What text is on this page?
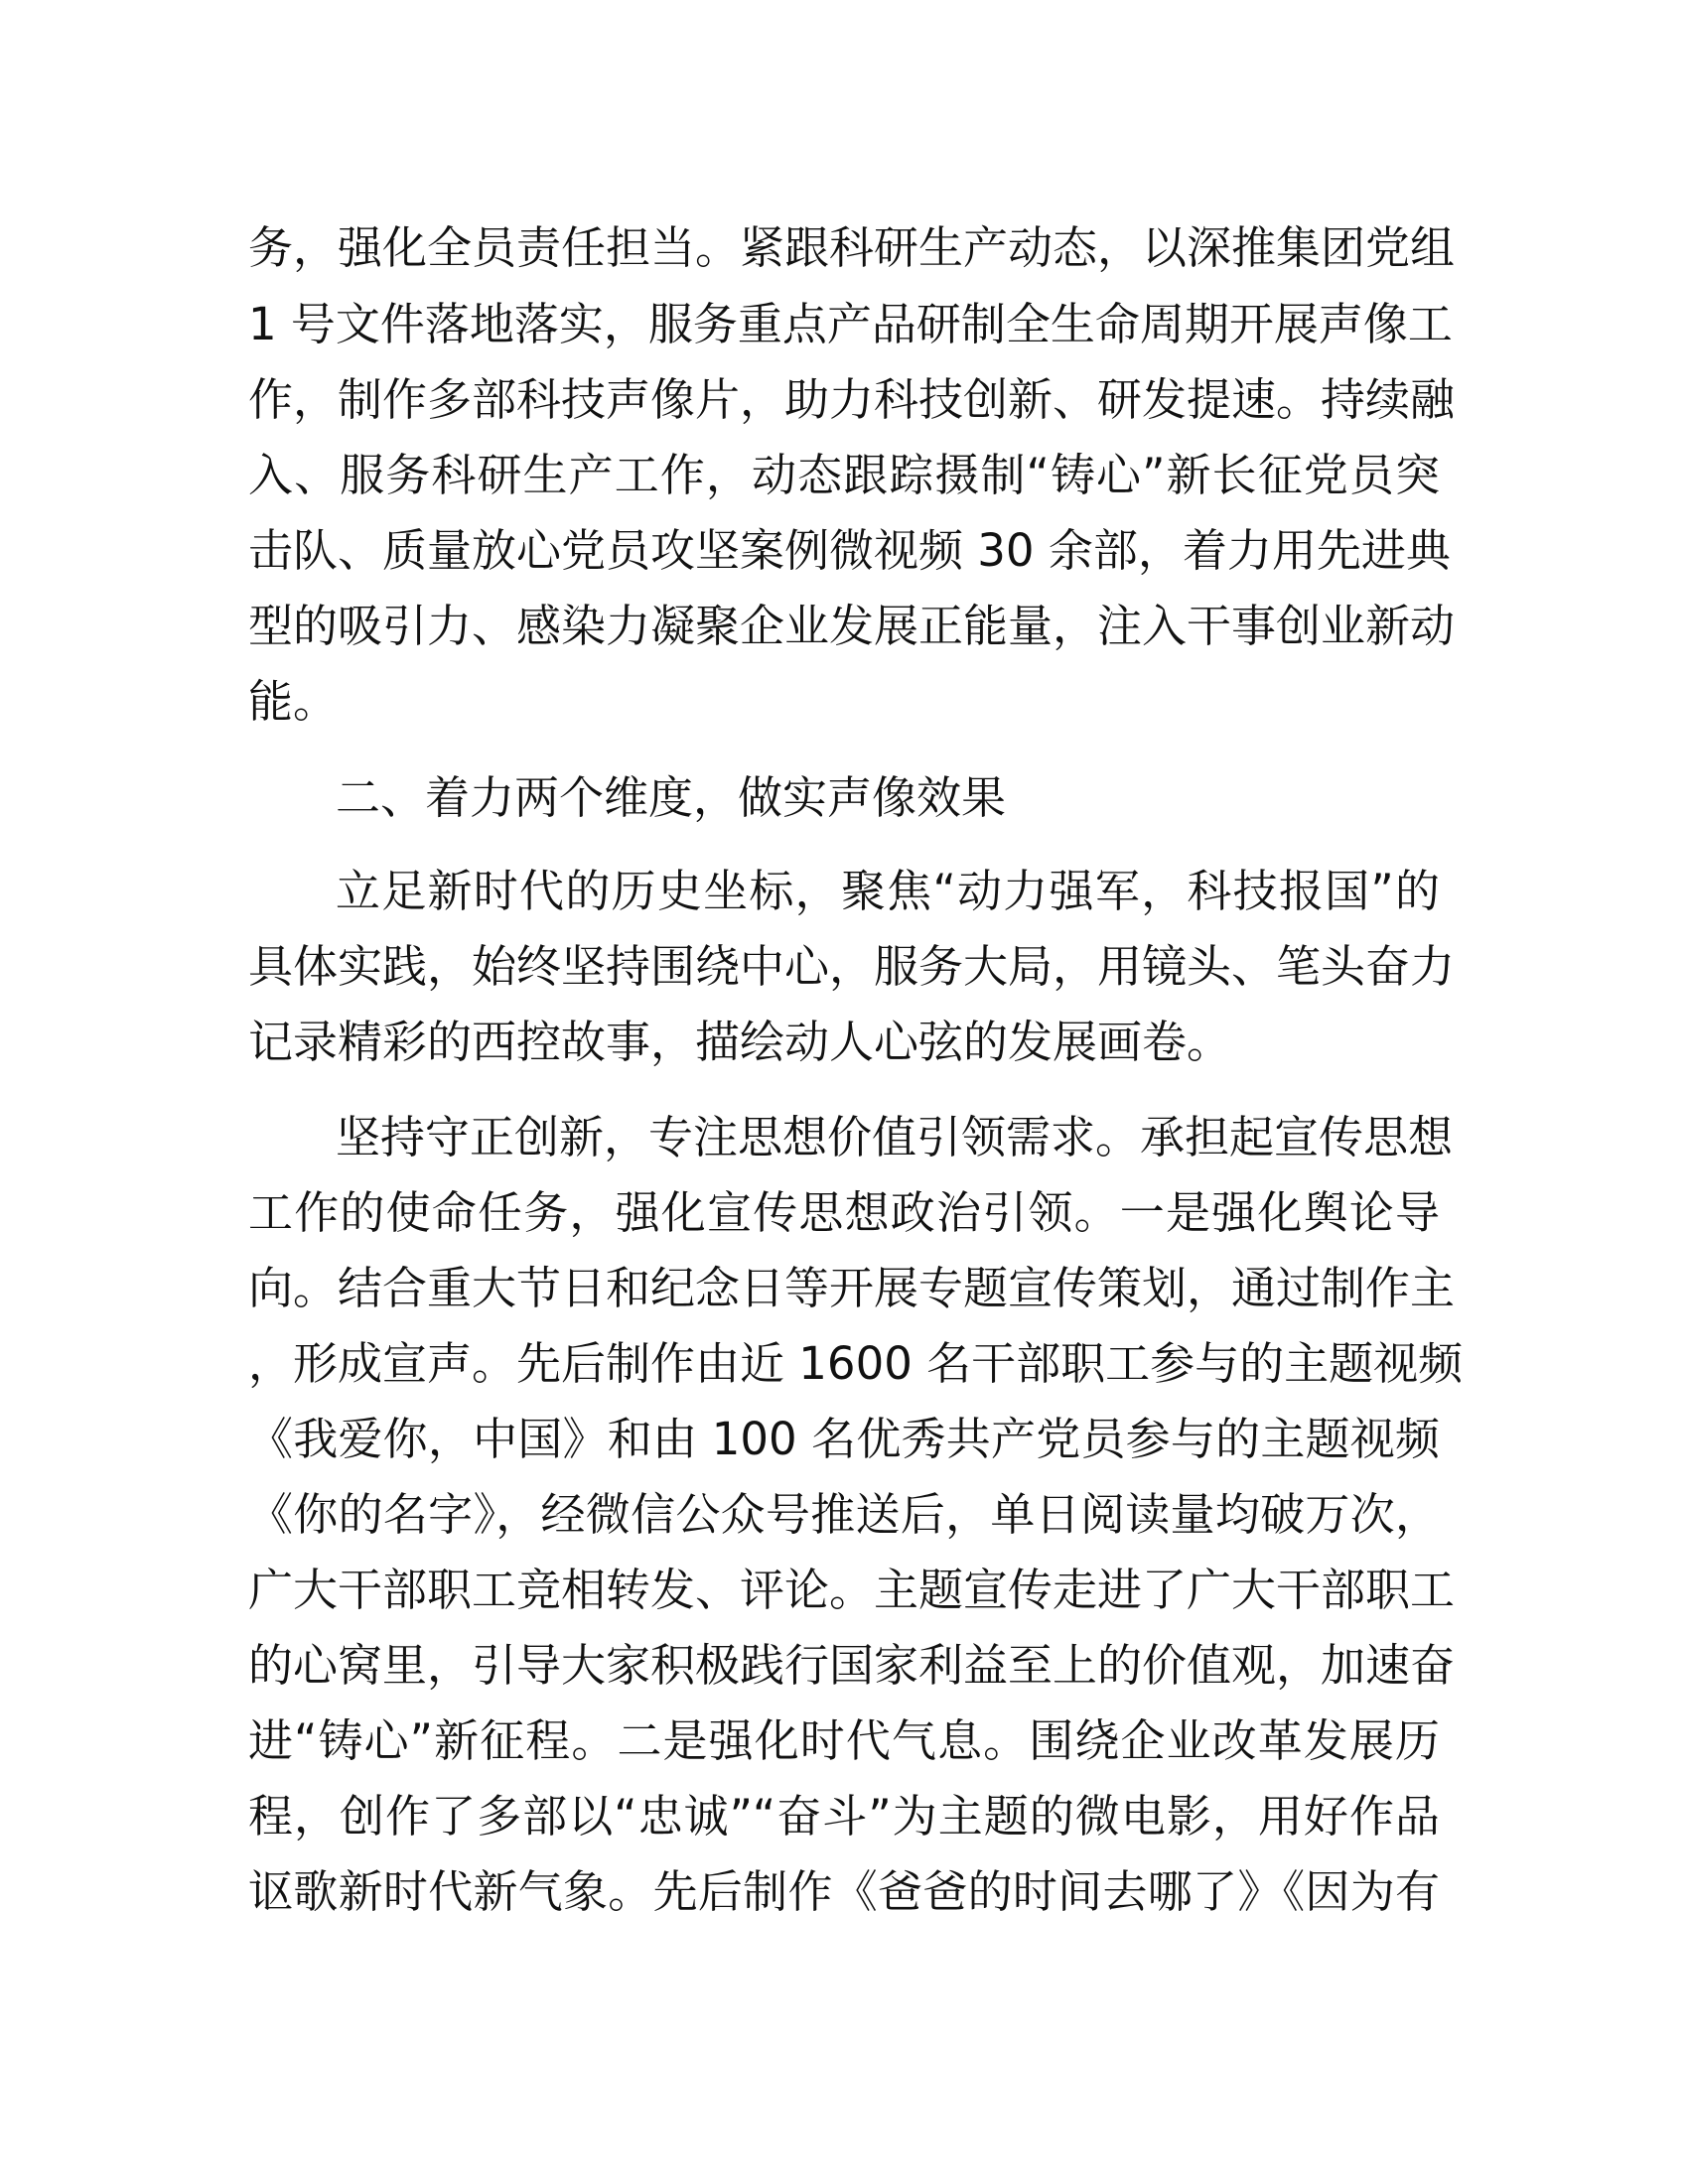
务，强化全员责任担当。紧跟科研生产动态，以深推集团党组
1 号文件落地落实，服务重点产品研制全生命周期开展声像工
作，制作多部科技声像片，助力科技创新、研发提速。持续融
入、服务科研生产工作，动态跟踪摄制“铸心”新长征党员突
击队、质量放心党员攻坚案例微视频 30 余部，着力用先进典
型的吸引力、感染力凝聚企业发展正能量，注入干事创业新动
能。
二、着力两个维度，做实声像效果
立足新时代的历史坐标，聚焦“动力强军，科技报国”的
具体实践，始终坚持围绕中心，服务大局，用镜头、笔头奋力
记录精彩的西控故事，描绘动人心弦的发展画卷。
坚持守正创新，专注思想价值引领需求。承担起宣传思想
工作的使命任务，强化宣传思想政治引领。一是强化舆论导
向。结合重大节日和纪念日等开展专题宣传策划，通过制作主
，形成宣声。先后制作由近 1600 名干部职工参与的主题视频
《我爱你，中国》和由 100 名优秀共产党员参与的主题视频
《你的名字》，经微信公众号推送后，单日阅读量均破万次，
广大干部职工竞相转发、评论。主题宣传走进了广大干部职工
的心窝里，引导大家积极践行国家利益至上的价值观，加速奋
进“铸心”新征程。二是强化时代气息。围绕企业改革发展历
程，创作了多部以“忠诚”“奋斗”为主题的微电影，用好作品
讴歌新时代新气象。先后制作《爸爸的时间去哪了》《因为有
